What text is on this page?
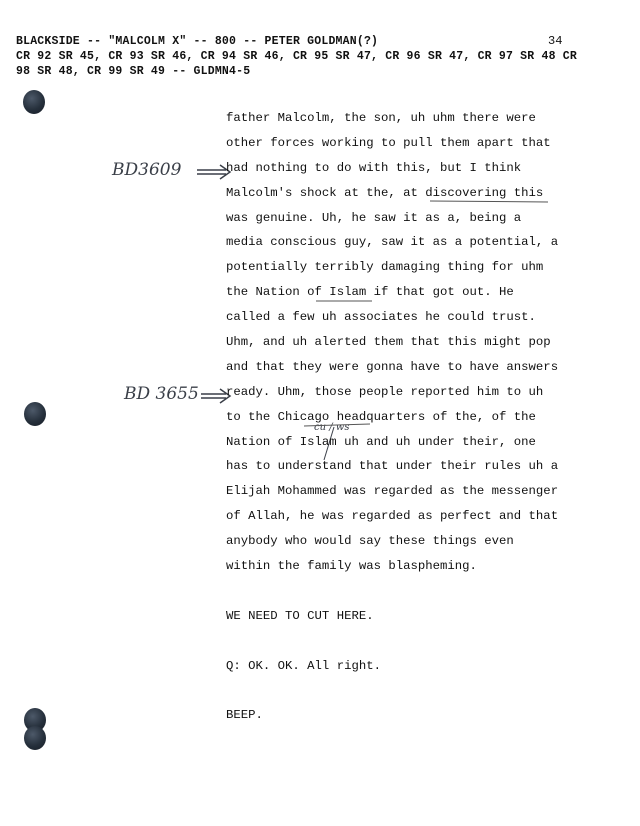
BLACKSIDE -- "MALCOLM X" -- 800 -- PETER GOLDMAN(?)
CR 92 SR 45, CR 93 SR 46, CR 94 SR 46, CR 95 SR 47, CR 96 SR 47, CR 97 SR 48 CR
98 SR 48, CR 99 SR 49 -- GLDMN4-5
34
BD3609
BD 3655
cu / ws
father Malcolm, the son, uh uhm there were
other forces working to pull them apart that
had nothing to do with this, but I think
Malcolm's shock at the, at discovering this
was genuine. Uh, he saw it as a, being a
media conscious guy, saw it as a potential, a
potentially terribly damaging thing for uhm
the Nation of Islam if that got out. He
called a few uh associates he could trust.
Uhm, and uh alerted them that this might pop
and that they were gonna have to have answers
ready. Uhm, those people reported him to uh
to the Chicago headquarters of the, of the
Nation of Islam uh and uh under their, one
has to understand that under their rules uh a
Elijah Mohammed was regarded as the messenger
of Allah, he was regarded as perfect and that
anybody who would say these things even
within the family was blaspheming.
WE NEED TO CUT HERE.
Q: OK. OK. All right.
BEEP.
